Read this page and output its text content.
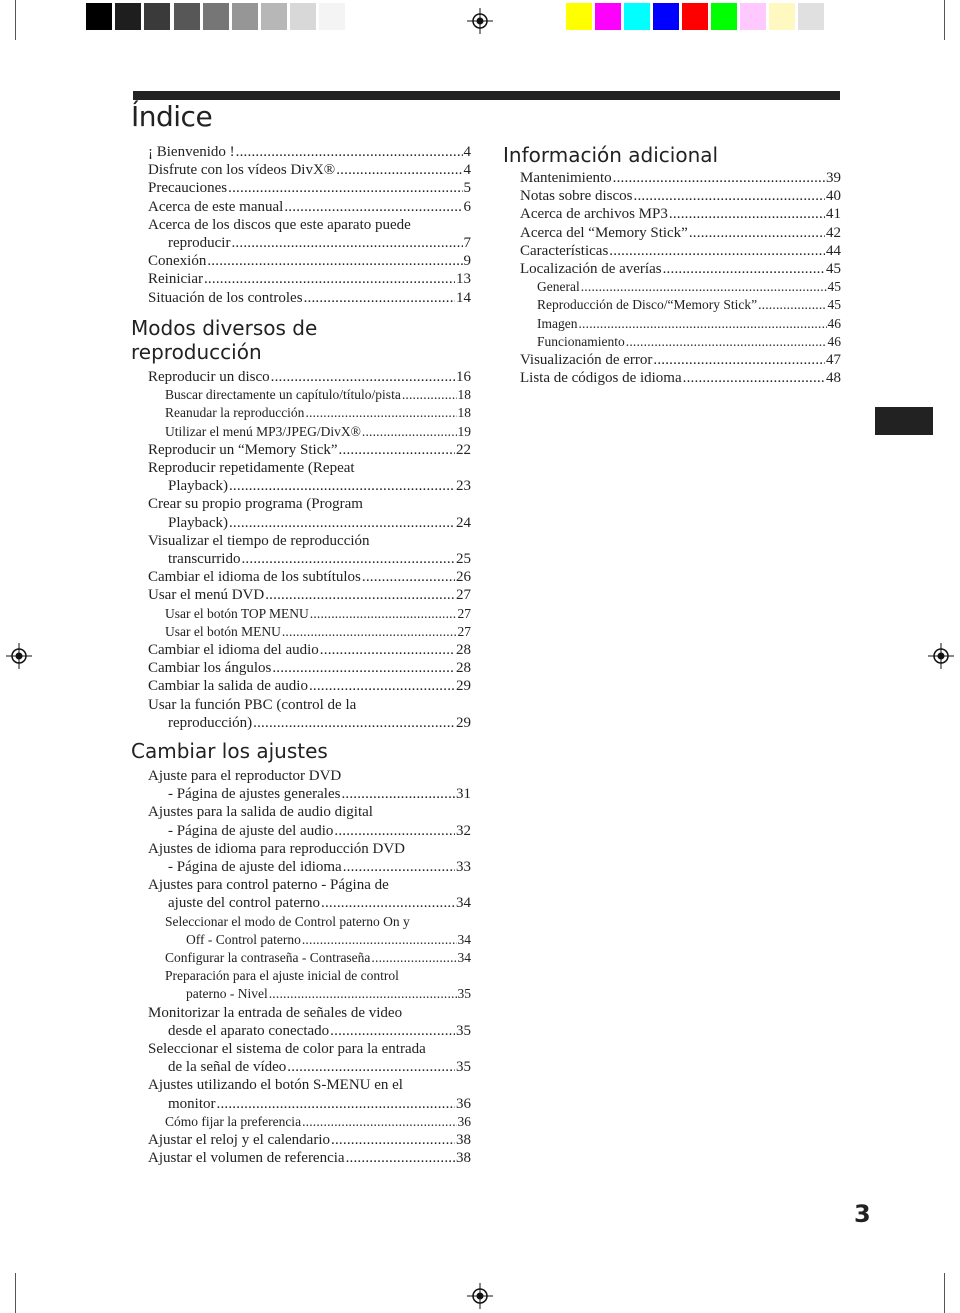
Índice
¡ Bienvenido ! .....	4
Disfrute con los vídeos DivX® .....	4
Precauciones .....	5
Acerca de este manual .....	6
Acerca de los discos que este aparato puede
reproducir .....	7
Conexión .....	9
Reiniciar .....	13
Situación de los controles .....	14
Modos diversos de reproducción
Reproducir un disco .....	16
Buscar directamente un capítulo/título/pista .....	18
Reanudar la reproducción .....	18
Utilizar el menú MP3/JPEG/DivX® .....	19
Reproducir un “Memory Stick” .....	22
Reproducir repetidamente (Repeat
Playback) .....	23
Crear su propio programa (Program
Playback) .....	24
Visualizar el tiempo de reproducción
transcurrido .....	25
Cambiar el idioma de los subtítulos .....	26
Usar el menú DVD .....	27
Usar el botón TOP MENU .....	27
Usar el botón MENU .....	27
Cambiar el idioma del audio .....	28
Cambiar los ángulos .....	28
Cambiar la salida de audio .....	29
Usar la función PBC (control de la
reproducción) .....	29
Cambiar los ajustes
Ajuste para el reproductor DVD
- Página de ajustes generales .....	31
Ajustes para la salida de audio digital
- Página de ajuste del audio .....	32
Ajustes de idioma para reproducción DVD
- Página de ajuste del idioma .....	33
Ajustes para control paterno - Página de
ajuste del control paterno .....	34
Seleccionar el modo de Control paterno On y
Off - Control paterno .....	34
Configurar la contraseña - Contraseña .....	34
Preparación para el ajuste inicial de control
paterno - Nivel .....	35
Monitorizar la entrada de señales de video
desde el aparato conectado .....	35
Seleccionar el sistema de color para la entrada
de la señal de vídeo .....	35
Ajustes utilizando el botón S-MENU en el
monitor .....	36
Cómo fijar la preferencia .....	36
Ajustar el reloj y el calendario .....	38
Ajustar el volumen de referencia .....	38
Información adicional
Mantenimiento .....	39
Notas sobre discos .....	40
Acerca de archivos MP3 .....	41
Acerca del “Memory Stick” .....	42
Características .....	44
Localización de averías .....	45
General .....	45
Reproducción de Disco/“Memory Stick” .....	45
Imagen .....	46
Funcionamiento .....	46
Visualización de error .....	47
Lista de códigos de idioma .....	48
3
